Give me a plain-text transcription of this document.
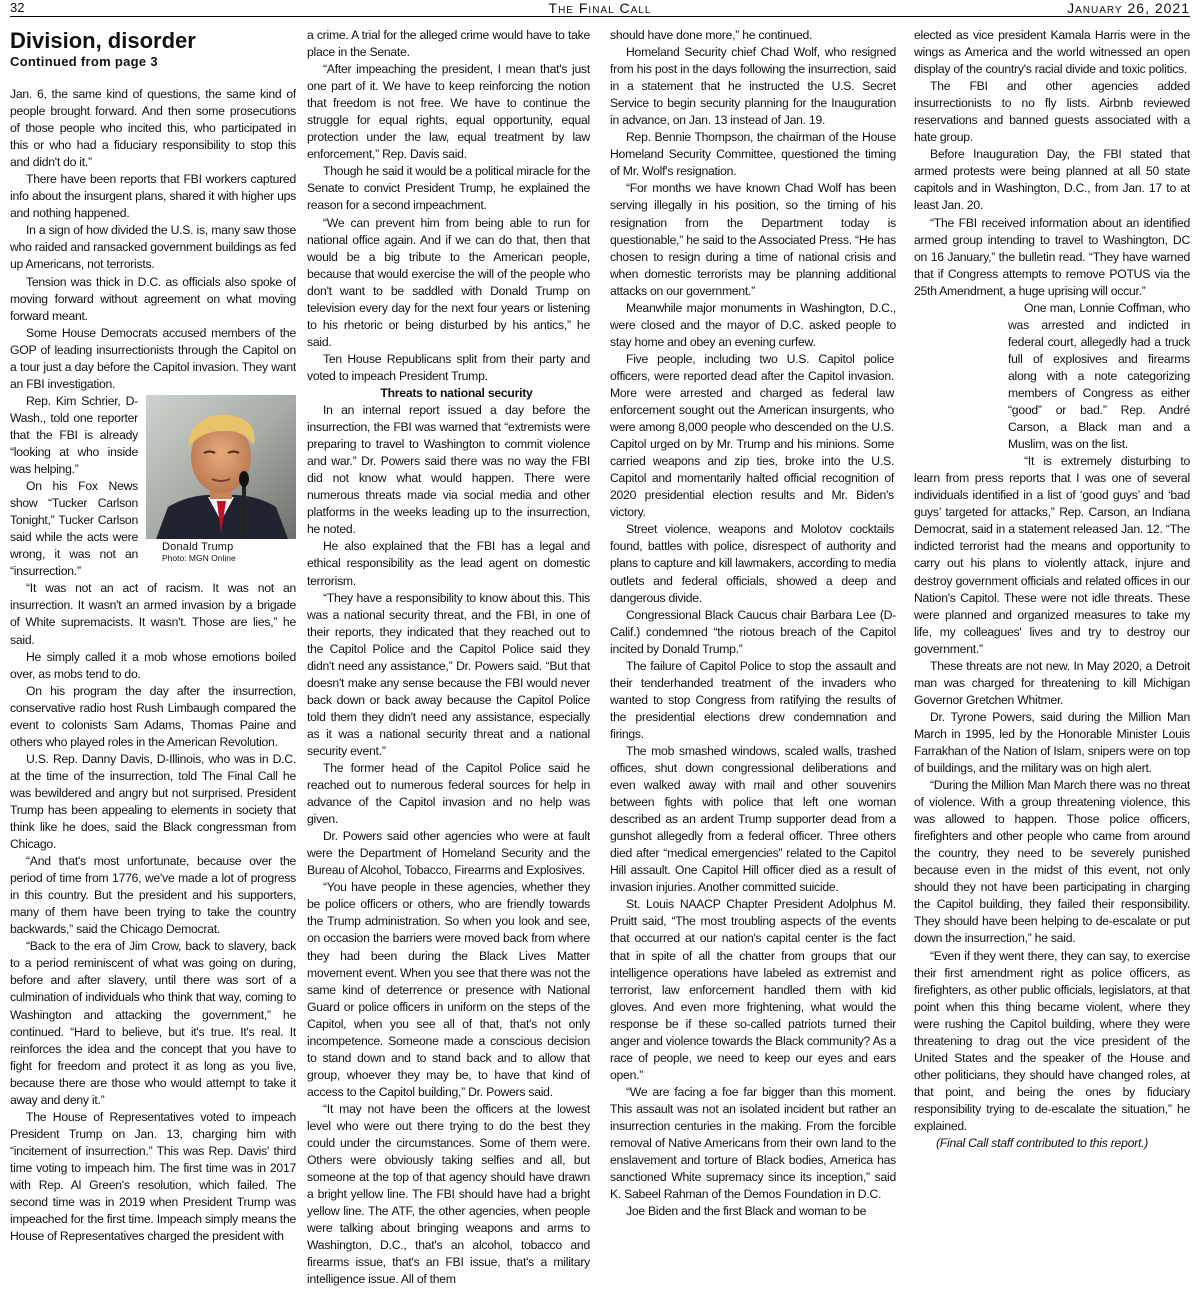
32	The Final Call	January 26, 2021
Division, disorder
Continued from page 3

Jan. 6, the same kind of questions, the same kind of people brought forward. And then some prosecutions of those people who incited this, who participated in this or who had a fiduciary responsibility to stop this and didn't do it.”

There have been reports that FBI workers captured info about the insurgent plans, shared it with higher ups and nothing happened.

In a sign of how divided the U.S. is, many saw those who raided and ransacked government buildings as fed up Americans, not terrorists.

Tension was thick in D.C. as officials also spoke of moving forward without agreement on what moving forward meant.

Some House Democrats accused members of the GOP of leading insurrectionists through the Capitol on a tour just a day before the Capitol invasion. They want an FBI investigation.

Donald Trump
Photo: MGN Online

Rep. Kim Schrier, D-Wash., told one reporter that the FBI is already “looking at who inside was helping.”

On his Fox News show “Tucker Carlson Tonight,” Tucker Carlson said while the acts were wrong, it was not an “insurrection.”

“It was not an act of racism. It was not an insurrection. It wasn't an armed invasion by a brigade of White supremacists. It wasn't. Those are lies,” he said.

He simply called it a mob whose emotions boiled over, as mobs tend to do.

On his program the day after the insurrection, conservative radio host Rush Limbaugh compared the event to colonists Sam Adams, Thomas Paine and others who played roles in the American Revolution.

U.S. Rep. Danny Davis, D-Illinois, who was in D.C. at the time of the insurrection, told The Final Call he was bewildered and angry but not surprised. President Trump has been appealing to elements in society that think like he does, said the Black congressman from Chicago.

“And that's most unfortunate, because over the period of time from 1776, we've made a lot of progress in this country. But the president and his supporters, many of them have been trying to take the country backwards,” said the Chicago Democrat.

“Back to the era of Jim Crow, back to slavery, back to a period reminiscent of what was going on during, before and after slavery, until there was sort of a culmination of individuals who think that way, coming to Washington and attacking the government,” he continued. “Hard to believe, but it's true. It's real. It reinforces the idea and the concept that you have to fight for freedom and protect it as long as you live, because there are those who would attempt to take it away and deny it.”

The House of Representatives voted to impeach President Trump on Jan. 13, charging him with “incitement of insurrection.” This was Rep. Davis' third time voting to impeach him. The first time was in 2017 with Rep. Al Green's resolution, which failed. The second time was in 2019 when President Trump was impeached for the first time. Impeach simply means the House of Representatives charged the president with

a crime. A trial for the alleged crime would have to take place in the Senate.

“After impeaching the president, I mean that's just one part of it. We have to keep reinforcing the notion that freedom is not free. We have to continue the struggle for equal rights, equal opportunity, equal protection under the law, equal treatment by law enforcement,” Rep. Davis said.

Though he said it would be a political miracle for the Senate to convict President Trump, he explained the reason for a second impeachment.

“We can prevent him from being able to run for national office again. And if we can do that, then that would be a big tribute to the American people, because that would exercise the will of the people who don't want to be saddled with Donald Trump on television every day for the next four years or listening to his rhetoric or being disturbed by his antics,” he said.

Ten House Republicans split from their party and voted to impeach President Trump.

Threats to national security

In an internal report issued a day before the insurrection, the FBI was warned that “extremists were preparing to travel to Washington to commit violence and war.” Dr. Powers said there was no way the FBI did not know what would happen. There were numerous threats made via social media and other platforms in the weeks leading up to the insurrection, he noted.

He also explained that the FBI has a legal and ethical responsibility as the lead agent on domestic terrorism.

“They have a responsibility to know about this. This was a national security threat, and the FBI, in one of their reports, they indicated that they reached out to the Capitol Police and the Capitol Police said they didn't need any assistance,” Dr. Powers said. “But that doesn't make any sense because the FBI would never back down or back away because the Capitol Police told them they didn't need any assistance, especially as it was a national security threat and a national security event.”

The former head of the Capitol Police said he reached out to numerous federal sources for help in advance of the Capitol invasion and no help was given.

Dr. Powers said other agencies who were at fault were the Department of Homeland Security and the Bureau of Alcohol, Tobacco, Firearms and Explosives.

“You have people in these agencies, whether they be police officers or others, who are friendly towards the Trump administration. So when you look and see, on occasion the barriers were moved back from where they had been during the Black Lives Matter movement event. When you see that there was not the same kind of deterrence or presence with National Guard or police officers in uniform on the steps of the Capitol, when you see all of that, that's not only incompetence. Someone made a conscious decision to stand down and to stand back and to allow that group, whoever they may be, to have that kind of access to the Capitol building,” Dr. Powers said.

“It may not have been the officers at the lowest level who were out there trying to do the best they could under the circumstances. Some of them were. Others were obviously taking selfies and all, but someone at the top of that agency should have drawn a bright yellow line. The FBI should have had a bright yellow line. The ATF, the other agencies, when people were talking about bringing weapons and arms to Washington, D.C., that's an alcohol, tobacco and firearms issue, that's an FBI issue, that's a military intelligence issue. All of them

should have done more,” he continued.

Homeland Security chief Chad Wolf, who resigned from his post in the days following the insurrection, said in a statement that he instructed the U.S. Secret Service to begin security planning for the Inauguration in advance, on Jan. 13 instead of Jan. 19.

Rep. Bennie Thompson, the chairman of the House Homeland Security Committee, questioned the timing of Mr. Wolf's resignation.

“For months we have known Chad Wolf has been serving illegally in his position, so the timing of his resignation from the Department today is questionable,” he said to the Associated Press. “He has chosen to resign during a time of national crisis and when domestic terrorists may be planning additional attacks on our government.”

Meanwhile major monuments in Washington, D.C., were closed and the mayor of D.C. asked people to stay home and obey an evening curfew.

Five people, including two U.S. Capitol police officers, were reported dead after the Capitol invasion. More were arrested and charged as federal law enforcement sought out the American insurgents, who were among 8,000 people who descended on the U.S. Capitol urged on by Mr. Trump and his minions. Some carried weapons and zip ties, broke into the U.S. Capitol and momentarily halted official recognition of 2020 presidential election results and Mr. Biden's victory.

Street violence, weapons and Molotov cocktails found, battles with police, disrespect of authority and plans to capture and kill lawmakers, according to media outlets and federal officials, showed a deep and dangerous divide.

Congressional Black Caucus chair Barbara Lee (D-Calif.) condemned “the riotous breach of the Capitol incited by Donald Trump.”

The failure of Capitol Police to stop the assault and their tenderhanded treatment of the invaders who wanted to stop Congress from ratifying the results of the presidential elections drew condemnation and firings.

The mob smashed windows, scaled walls, trashed offices, shut down congressional deliberations and even walked away with mail and other souvenirs between fights with police that left one woman described as an ardent Trump supporter dead from a gunshot allegedly from a federal officer. Three others died after “medical emergencies” related to the Capitol Hill assault. One Capitol Hill officer died as a result of invasion injuries. Another committed suicide.

St. Louis NAACP Chapter President Adolphus M. Pruitt said, “The most troubling aspects of the events that occurred at our nation's capital center is the fact that in spite of all the chatter from groups that our intelligence operations have labeled as extremist and terrorist, law enforcement handled them with kid gloves. And even more frightening, what would the response be if these so-called patriots turned their anger and violence towards the Black community? As a race of people, we need to keep our eyes and ears open.”

“We are facing a foe far bigger than this moment. This assault was not an isolated incident but rather an insurrection centuries in the making. From the forcible removal of Native Americans from their own land to the enslavement and torture of Black bodies, America has sanctioned White supremacy since its inception,” said K. Sabeel Rahman of the Demos Foundation in D.C.

Joe Biden and the first Black and woman to be

elected as vice president Kamala Harris were in the wings as America and the world witnessed an open display of the country's racial divide and toxic politics.

The FBI and other agencies added insurrectionists to no fly lists. Airbnb reviewed reservations and banned guests associated with a hate group.

Before Inauguration Day, the FBI stated that armed protests were being planned at all 50 state capitols and in Washington, D.C., from Jan. 17 to at least Jan. 20.

“The FBI received information about an identified armed group intending to travel to Washington, DC on 16 January,” the bulletin read. “They have warned that if Congress attempts to remove POTUS via the 25th Amendment, a huge uprising will occur.”

One man, Lonnie Coffman, who was arrested and indicted in federal court, allegedly had a truck full of explosives and firearms along with a note categorizing members of Congress as either “good” or bad.” Rep. André Carson, a Black man and a Muslim, was on the list.

“It is extremely disturbing to learn from press reports that I was one of several individuals identified in a list of ‘good guys’ and ‘bad guys’ targeted for attacks,” Rep. Carson, an Indiana Democrat, said in a statement released Jan. 12. “The indicted terrorist had the means and opportunity to carry out his plans to violently attack, injure and destroy government officials and related offices in our Nation's Capitol. These were not idle threats. These were planned and organized measures to take my life, my colleagues' lives and try to destroy our government.”

These threats are not new. In May 2020, a Detroit man was charged for threatening to kill Michigan Governor Gretchen Whitmer.

Dr. Tyrone Powers, said during the Million Man March in 1995, led by the Honorable Minister Louis Farrakhan of the Nation of Islam, snipers were on top of buildings, and the military was on high alert.

“During the Million Man March there was no threat of violence. With a group threatening violence, this was allowed to happen. Those police officers, firefighters and other people who came from around the country, they need to be severely punished because even in the midst of this event, not only should they not have been participating in charging the Capitol building, they failed their responsibility. They should have been helping to de-escalate or put down the insurrection,” he said.

“Even if they went there, they can say, to exercise their first amendment right as police officers, as firefighters, as other public officials, legislators, at that point when this thing became violent, where they were rushing the Capitol building, where they were threatening to drag out the vice president of the United States and the speaker of the House and other politicians, they should have changed roles, at that point, and being the ones by fiduciary responsibility trying to de-escalate the situation,” he explained.

(Final Call staff contributed to this report.)
